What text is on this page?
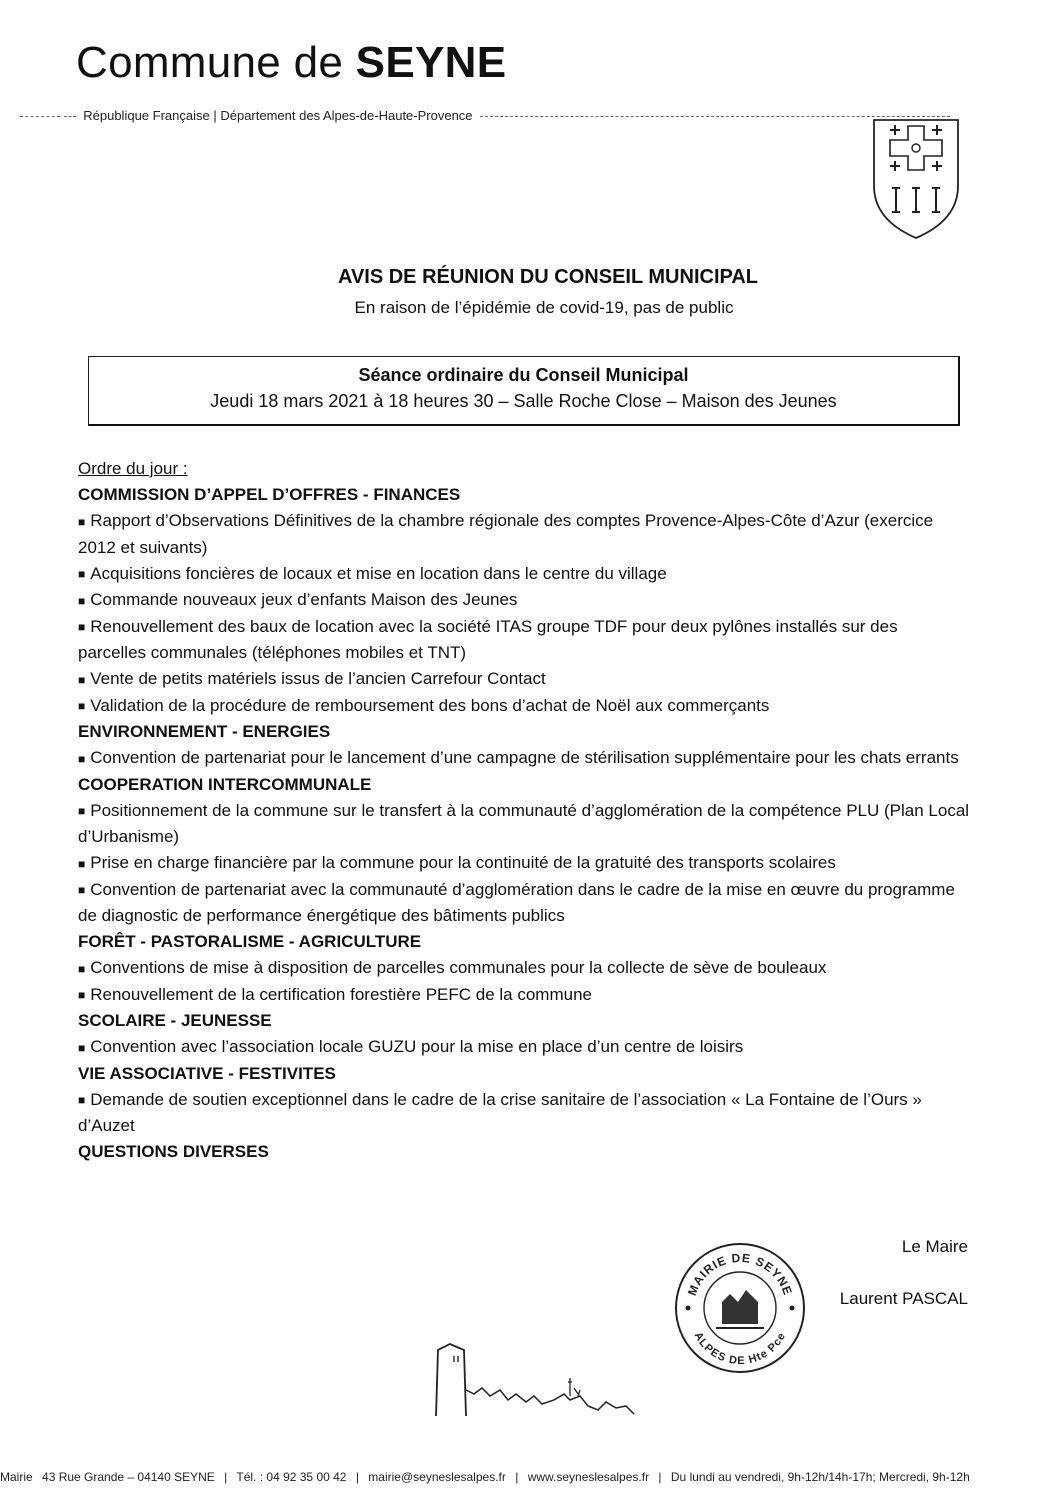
Commune de SEYNE
République Française | Département des Alpes-de-Haute-Provence
AVIS DE RÉUNION DU CONSEIL MUNICIPAL
En raison de l’épidémie de covid-19, pas de public
Séance ordinaire du Conseil Municipal
Jeudi 18 mars 2021 à 18 heures 30 – Salle Roche Close – Maison des Jeunes
Ordre du jour :
COMMISSION D’APPEL D’OFFRES - FINANCES
■ Rapport d’Observations Définitives de la chambre régionale des comptes Provence-Alpes-Côte d’Azur (exercice 2012 et suivants)
■ Acquisitions foncières de locaux et mise en location dans le centre du village
■ Commande nouveaux jeux d’enfants Maison des Jeunes
■ Renouvellement des baux de location avec la société ITAS groupe TDF pour deux pylônes installés sur des parcelles communales (téléphones mobiles et TNT)
■ Vente de petits matériels issus de l’ancien Carrefour Contact
■ Validation de la procédure de remboursement des bons d’achat de Noël aux commerçants
ENVIRONNEMENT - ENERGIES
■ Convention de partenariat pour le lancement d’une campagne de stérilisation supplémentaire pour les chats errants
COOPERATION INTERCOMMUNALE
■ Positionnement de la commune sur le transfert à la communauté d’agglomération de la compétence PLU (Plan Local d’Urbanisme)
■ Prise en charge financière par la commune pour la continuité de la gratuité des transports scolaires
■ Convention de partenariat avec la communauté d’agglomération dans le cadre de la mise en œuvre du programme de diagnostic de performance énergétique des bâtiments publics
FORÊT - PASTORALISME - AGRICULTURE
■ Conventions de mise à disposition de parcelles communales pour la collecte de sève de bouleaux
■ Renouvellement de la certification forestière PEFC de la commune
SCOLAIRE - JEUNESSE
■ Convention avec l’association locale GUZU pour la mise en place d’un centre de loisirs
VIE ASSOCIATIVE - FESTIVITES
■ Demande de soutien exceptionnel dans le cadre de la crise sanitaire de l’association « La Fontaine de l’Ours » d’Auzet
QUESTIONS DIVERSES
MAIRIE DE SEYNE
ALPES DE Hte Pce
Le Maire
Laurent PASCAL
Mairie 43 Rue Grande – 04140 SEYNE | Tél. : 04 92 35 00 42 | mairie@seyneslesalpes.fr | www.seyneslesalpes.fr | Du lundi au vendredi, 9h-12h/14h-17h; Mercredi, 9h-12h
